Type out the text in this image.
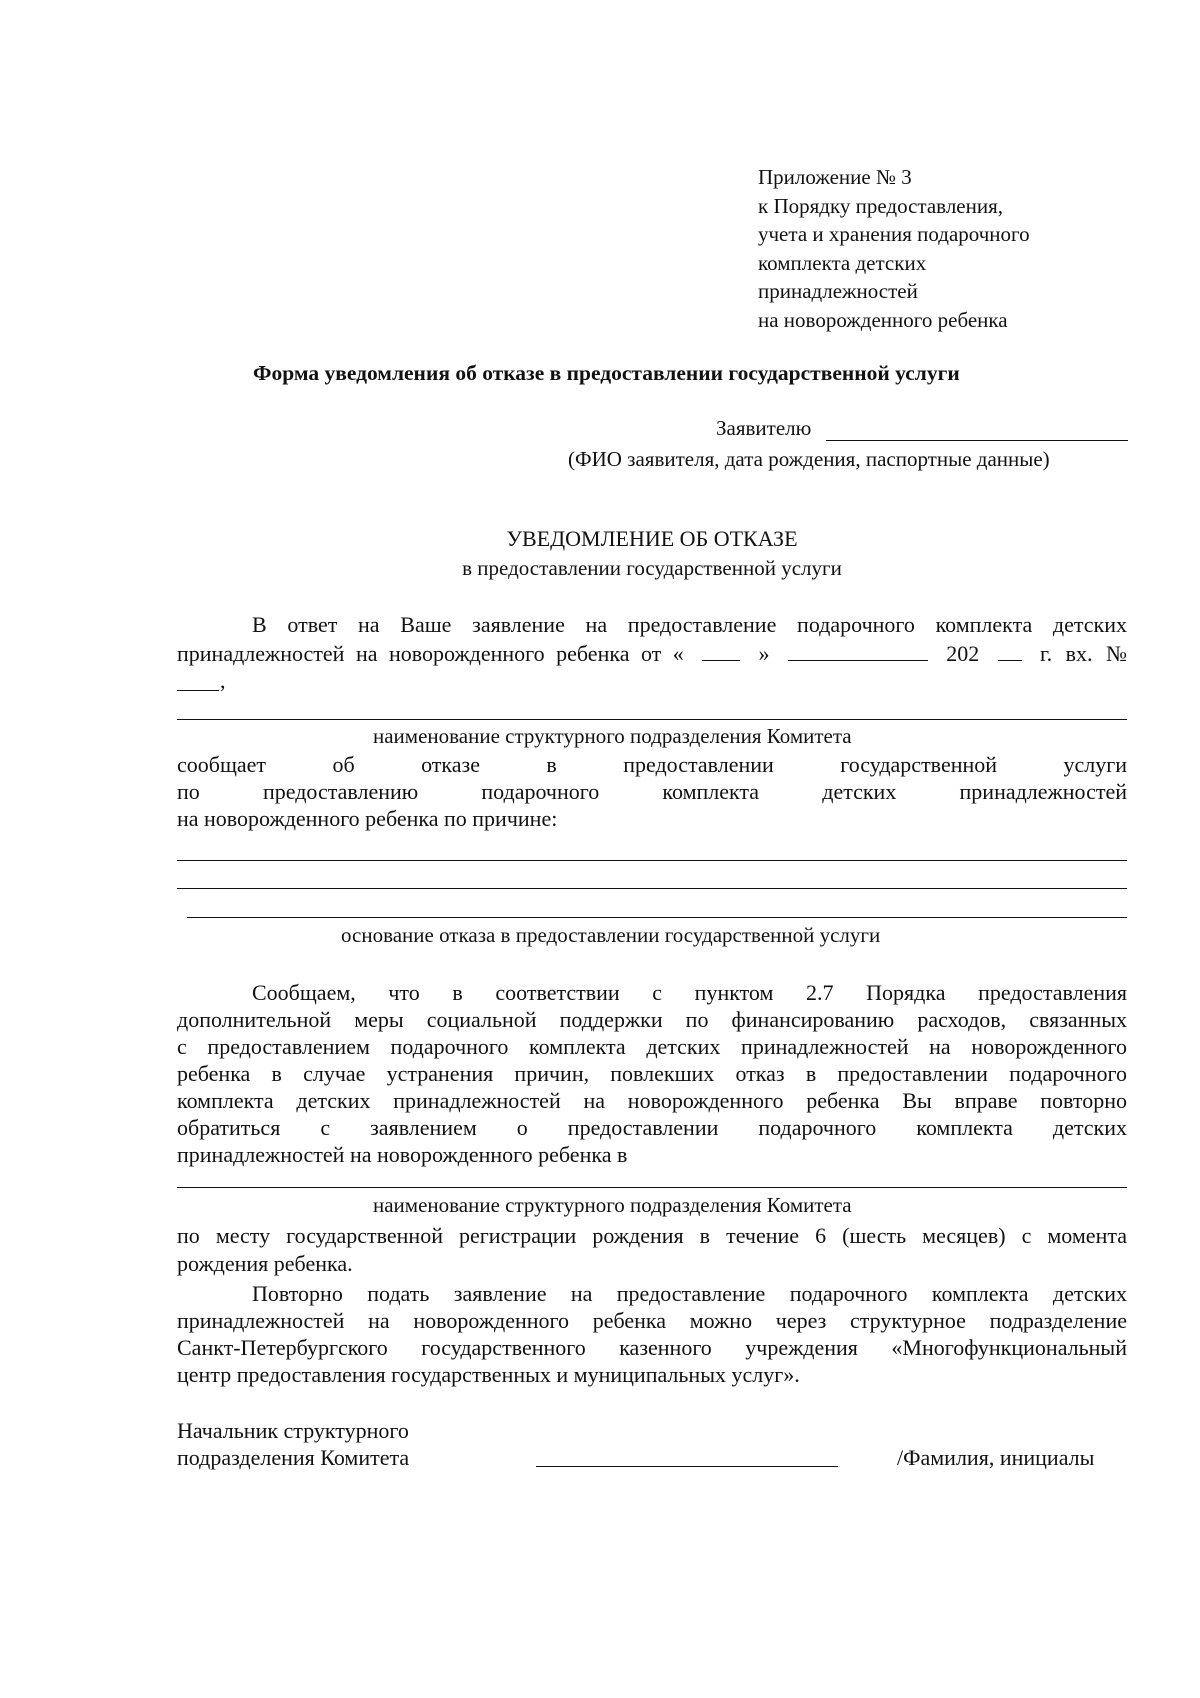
Приложение № 3
к Порядку предоставления,
учета и хранения подарочного
комплекта детских
принадлежностей
на новорожденного ребенка
Форма уведомления об отказе в предоставлении государственной услуги
Заявителю
(ФИО заявителя, дата рождения, паспортные данные)
УВЕДОМЛЕНИЕ ОБ ОТКАЗЕ
в предоставлении государственной услуги
В ответ на Ваше заявление на предоставление подарочного комплекта детских
принадлежностей на новорожденного ребенка от «	»	202	г. вх. №
,
наименование структурного подразделения Комитета
сообщает об отказе в предоставлении государственной услуги
по предоставлению подарочного комплекта детских принадлежностей
на новорожденного ребенка по причине:
основание отказа в предоставлении государственной услуги
Сообщаем, что в соответствии с пунктом 2.7 Порядка предоставления
дополнительной меры социальной поддержки по финансированию расходов, связанных
с предоставлением подарочного комплекта детских принадлежностей на новорожденного
ребенка в случае устранения причин, повлекших отказ в предоставлении подарочного
комплекта детских принадлежностей на новорожденного ребенка Вы вправе повторно
обратиться с заявлением о предоставлении подарочного комплекта детских
принадлежностей на новорожденного ребенка в
наименование структурного подразделения Комитета
по месту государственной регистрации рождения в течение 6 (шесть месяцев) с момента
рождения ребенка.
Повторно подать заявление на предоставление подарочного комплекта детских
принадлежностей на новорожденного ребенка можно через структурное подразделение
Санкт-Петербургского государственного казенного учреждения «Многофункциональный
центр предоставления государственных и муниципальных услуг».
Начальник структурного
подразделения Комитета	/Фамилия, инициалы
